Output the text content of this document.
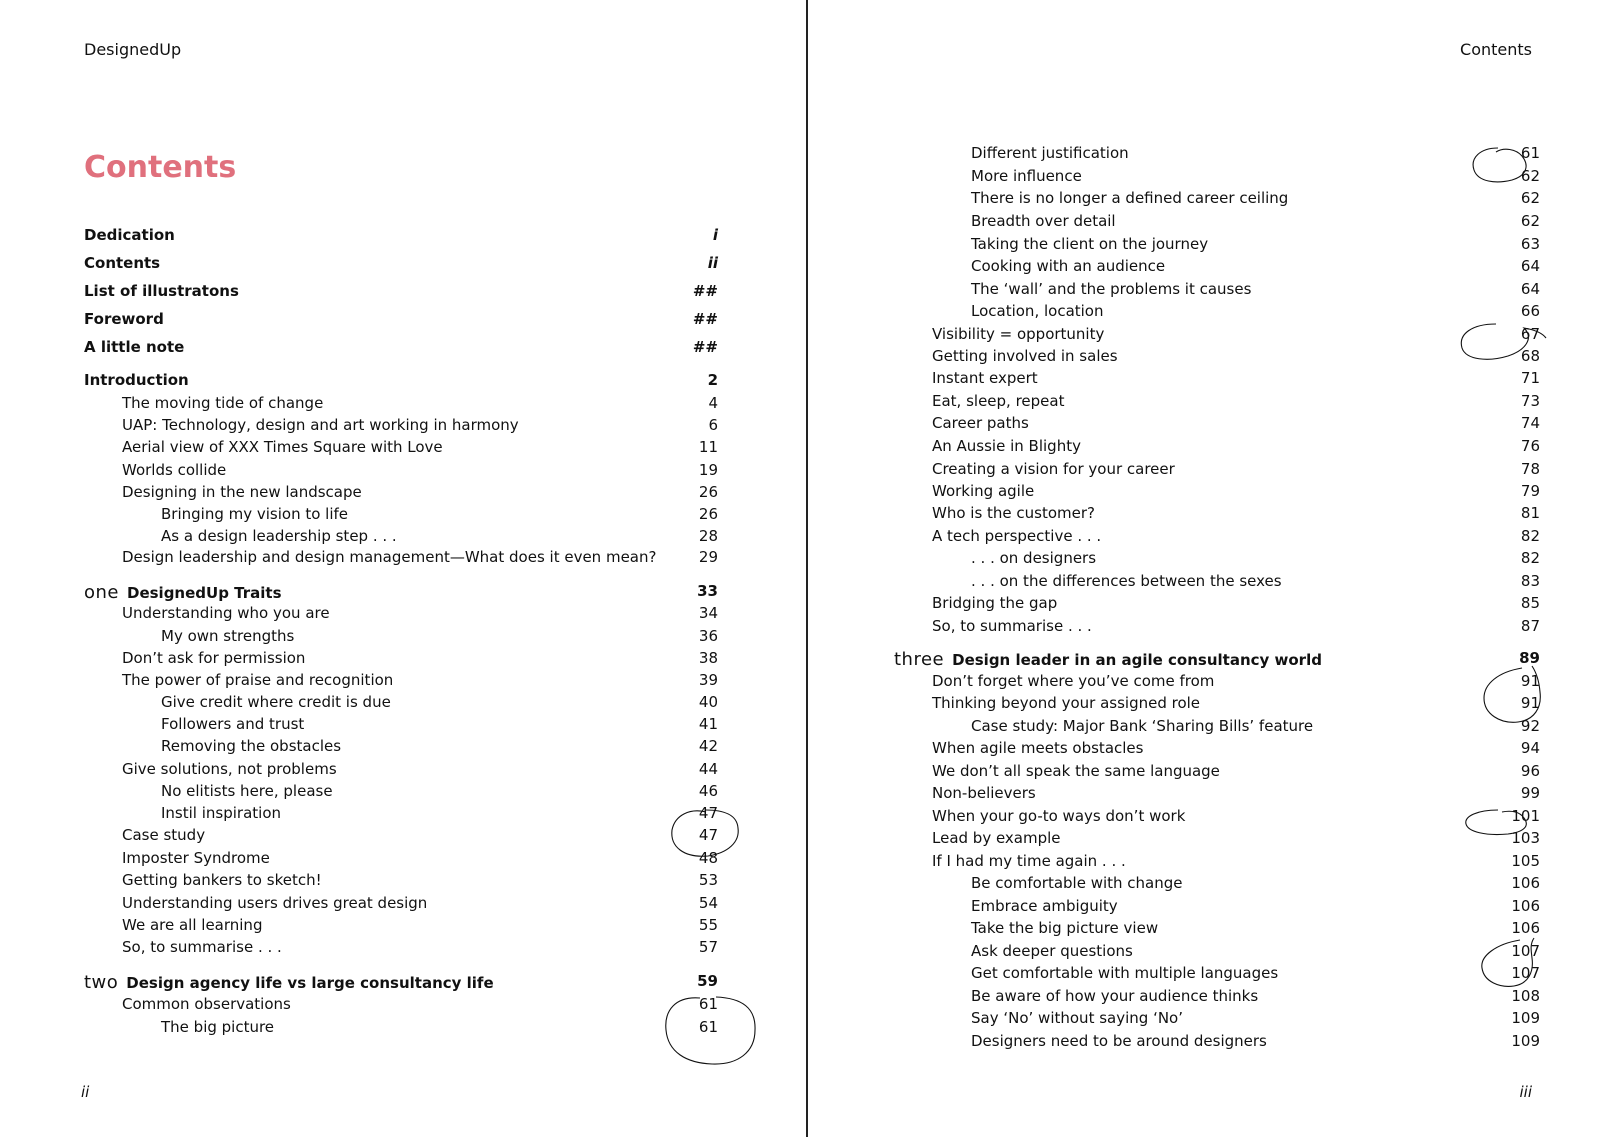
DesignedUp
Contents
Dedication	i
Contents	ii
List of illustratons	##
Foreword	##
A little note	##
Introduction	2
The moving tide of change	4
UAP: Technology, design and art working in harmony	6
Aerial view of XXX Times Square with Love	11
Worlds collide	19
Designing in the new landscape	26
Bringing my vision to life	26
As a design leadership step . . .	28
Design leadership and design management—What does it even mean?	29
one DesignedUp Traits	33
Understanding who you are	34
My own strengths	36
Don’t ask for permission	38
The power of praise and recognition	39
Give credit where credit is due	40
Followers and trust	41
Removing the obstacles	42
Give solutions, not problems	44
No elitists here, please	46
Instil inspiration	47
Case study	47
Imposter Syndrome	48
Getting bankers to sketch!	53
Understanding users drives great design	54
We are all learning	55
So, to summarise . . .	57
two Design agency life vs large consultancy life	59
Common observations	61
The big picture	61
ii
Contents
Different justification	61
More influence	62
There is no longer a defined career ceiling	62
Breadth over detail	62
Taking the client on the journey	63
Cooking with an audience	64
The ‘wall’ and the problems it causes	64
Location, location	66
Visibility = opportunity	67
Getting involved in sales	68
Instant expert	71
Eat, sleep, repeat	73
Career paths	74
An Aussie in Blighty	76
Creating a vision for your career	78
Working agile	79
Who is the customer?	81
A tech perspective . . .	82
. . . on designers	82
. . . on the differences between the sexes	83
Bridging the gap	85
So, to summarise . . .	87
three Design leader in an agile consultancy world	89
Don’t forget where you’ve come from	91
Thinking beyond your assigned role	91
Case study: Major Bank ‘Sharing Bills’ feature	92
When agile meets obstacles	94
We don’t all speak the same language	96
Non-believers	99
When your go-to ways don’t work	101
Lead by example	103
If I had my time again . . .	105
Be comfortable with change	106
Embrace ambiguity	106
Take the big picture view	106
Ask deeper questions	107
Get comfortable with multiple languages	107
Be aware of how your audience thinks	108
Say ‘No’ without saying ‘No’	109
Designers need to be around designers	109
iii
